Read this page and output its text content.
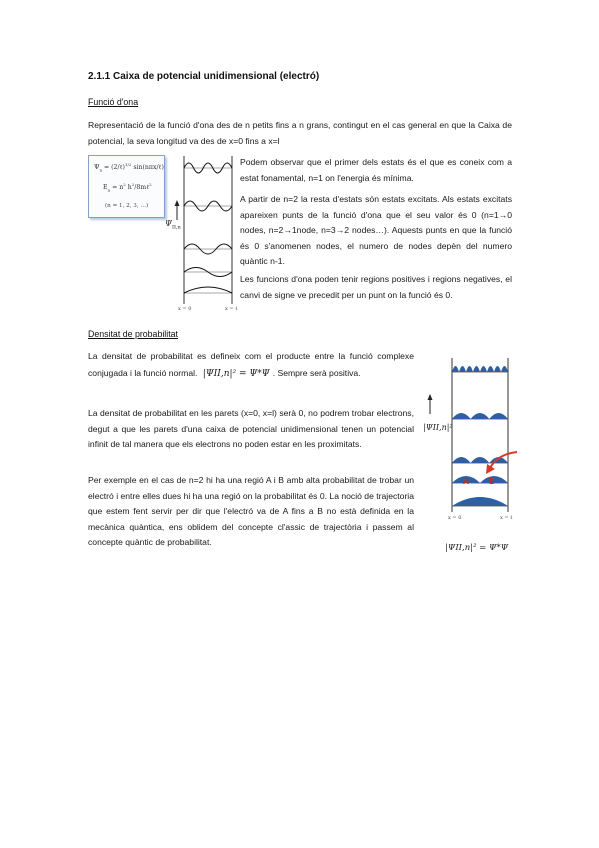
2.1.1 Caixa de potencial unidimensional (electró)
Funció d'ona
Representació de la funció d'ona des de n petits fins a n grans, contingut en el cas general en que la Caixa de potencial, la seva longitud va des de x=0 fins a x=l
$\Psi_n$ = (2/ℓ)$^{1/2}$ sin(nπx/ℓ)
$E_n = n^2$ $h^2/8m\ell^2$
(n = 1, 2, 3, …)
$\Psi_{II,n}$
x = 0	x = ℓ
Podem observar que el primer dels estats és el que es coneix com a estat fonamental, n=1 on l'energia és mínima.
A partir de n=2 la resta d'estats són estats excitats. Als estats excitats apareixen punts de la funció d'ona que el seu valor és 0 (n=1→0 nodes, n=2→1node, n=3→2 nodes…). Aquests punts en que la funció és 0 s'anomenen nodes, el numero de nodes depèn del numero quàntic n-1.
Les funcions d'ona poden tenir regions positives i regions negatives, el canvi de signe ve precedit per un punt on la funció és 0.
Densitat de probabilitat
La densitat de probabilitat es defineix com el producte entre la funció complexe conjugada i la funció normal. |ΨII,n|² = Ψ*Ψ . Sempre serà positiva.
La densitat de probabilitat en les parets (x=0, x=l) serà 0, no podrem trobar electrons, degut a que les parets d'una caixa de potencial unidimensional tenen un potencial infinit de tal manera que els electrons no poden estar en les proximitats.
Per exemple en el cas de n=2 hi ha una regió A i B amb alta probabilitat de trobar un electró i entre elles dues hi ha una regió on la probabilitat és 0. La noció de trajectoria que estem fent servir per dir que l'electró va de A fins a B no està definida en la mecànica quàntica, ens oblidem del concepte cl'assic de trajectòria i passem al concepte quàntic de probabilitat.
A	B
|ΨII,n|²
x = 0	x = ℓ
|ΨII,n|² = Ψ*Ψ
